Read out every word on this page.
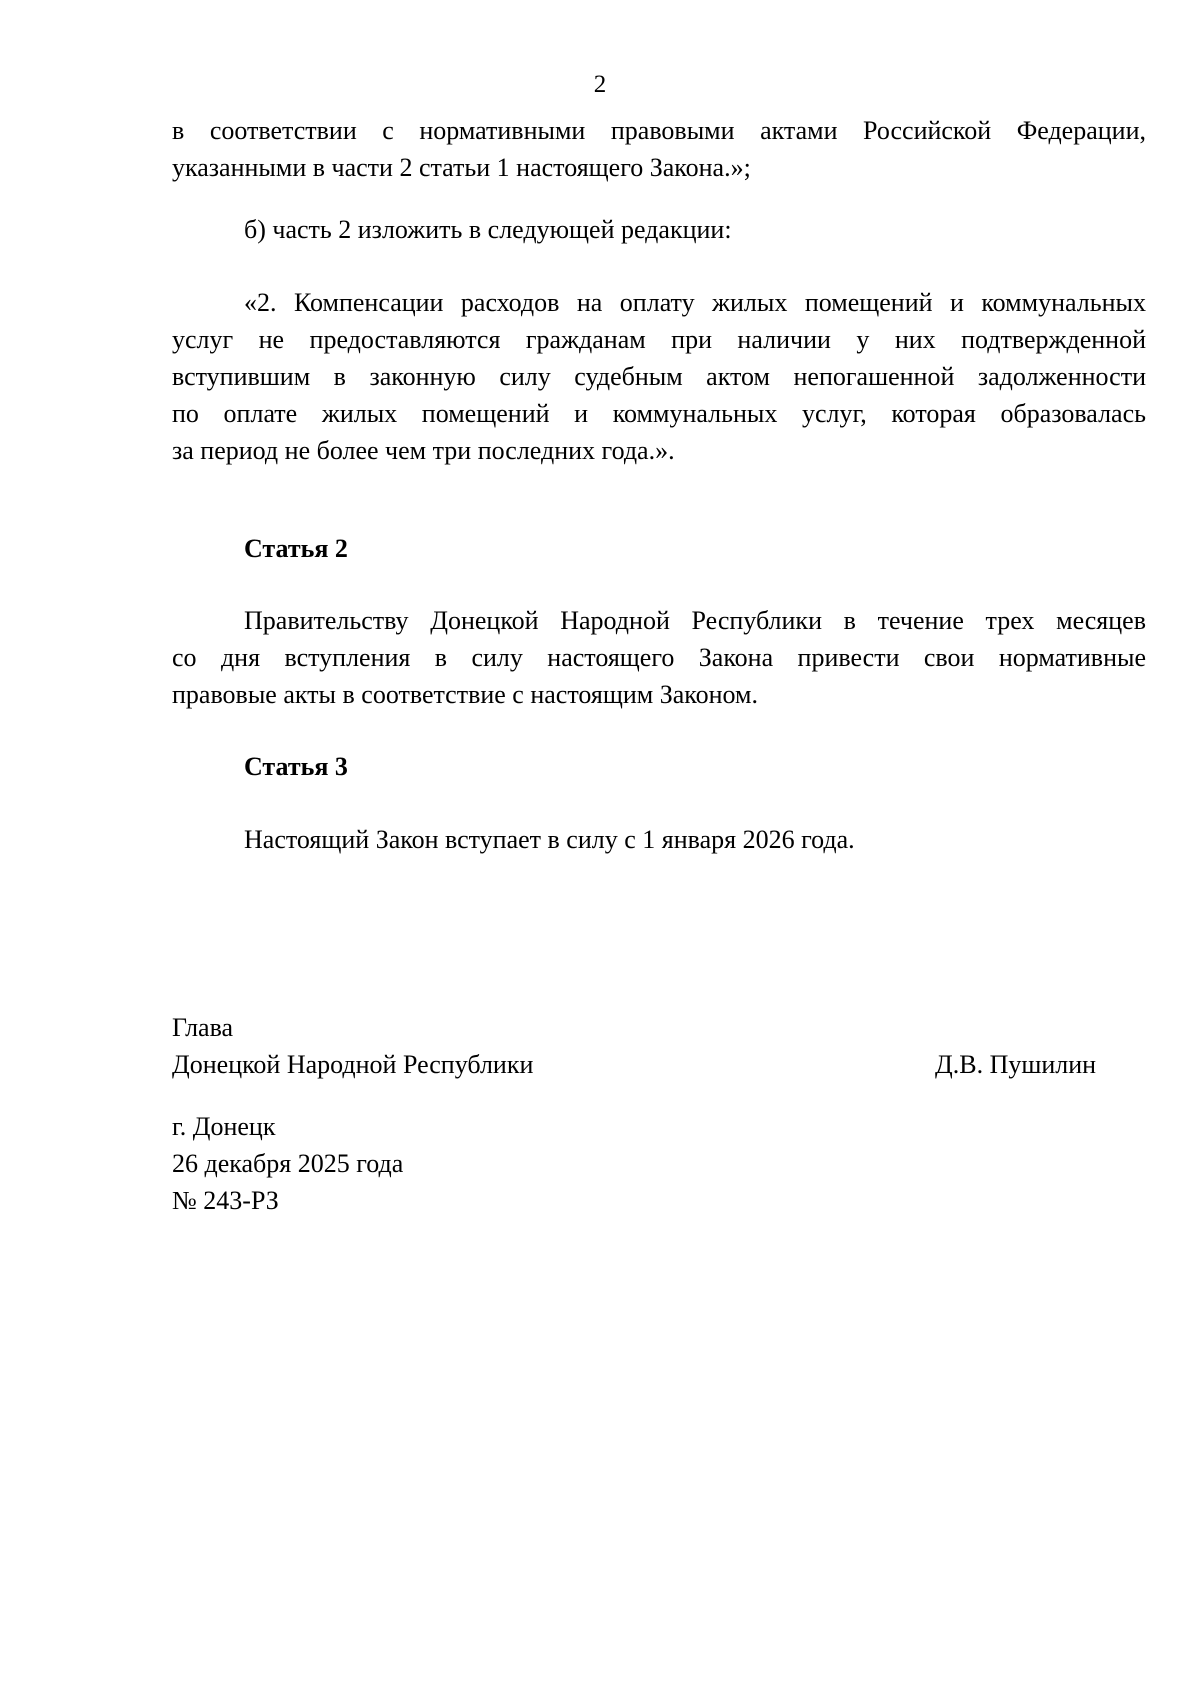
2
в соответствии с нормативными правовыми актами Российской Федерации,
указанными в части 2 статьи 1 настоящего Закона.»;
б) часть 2 изложить в следующей редакции:
«2. Компенсации расходов на оплату жилых помещений и коммунальных
услуг не предоставляются гражданам при наличии у них подтвержденной
вступившим в законную силу судебным актом непогашенной задолженности
по оплате жилых помещений и коммунальных услуг, которая образовалась
за период не более чем три последних года.».
Статья 2
Правительству Донецкой Народной Республики в течение трех месяцев
со дня вступления в силу настоящего Закона привести свои нормативные
правовые акты в соответствие с настоящим Законом.
Статья 3
Настоящий Закон вступает в силу с 1 января 2026 года.
Глава
Донецкой Народной Республики	Д.В. Пушилин
г. Донецк
26 декабря 2025 года
№ 243-РЗ
